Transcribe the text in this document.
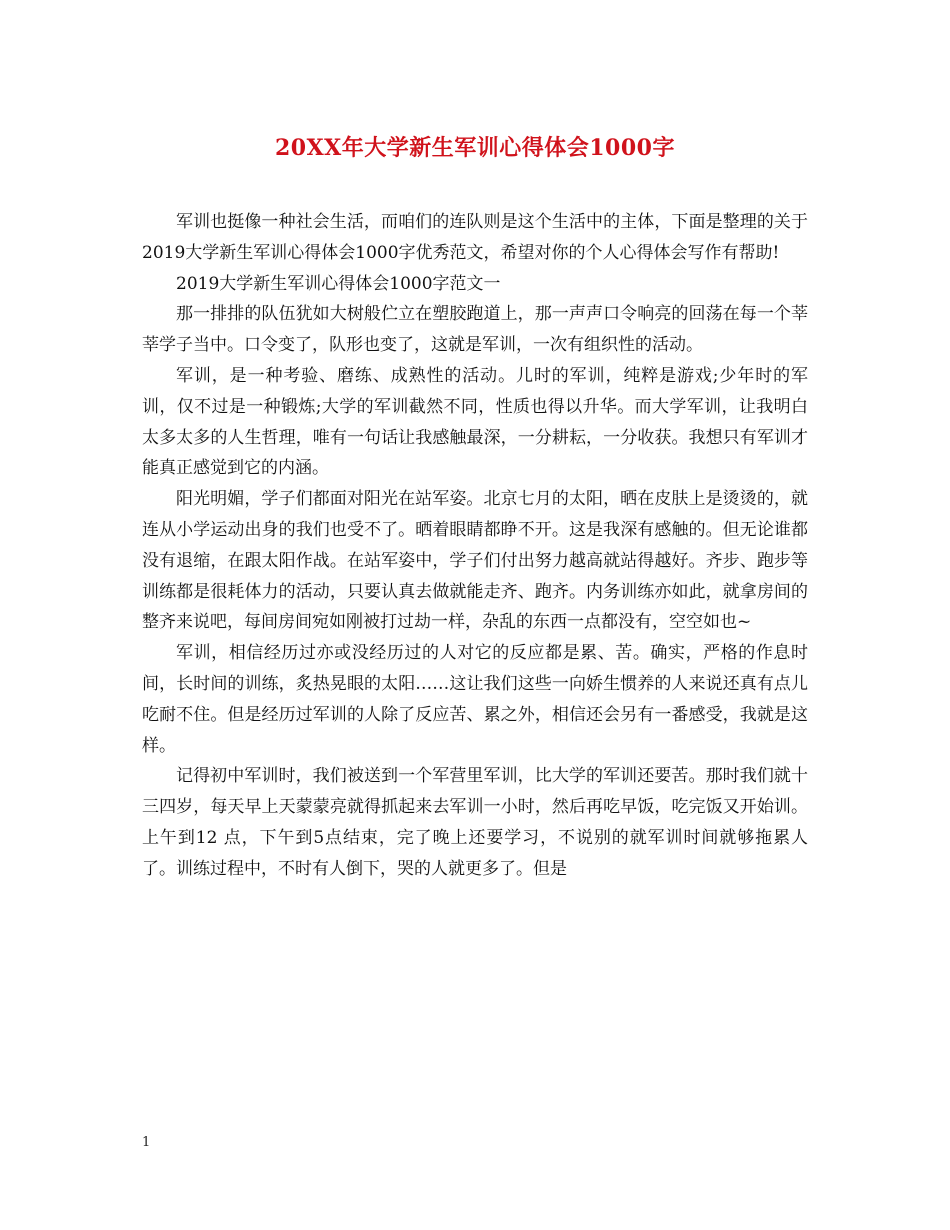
20XX年大学新生军训心得体会1000字

军训也挺像一种社会生活，而咱们的连队则是这个生活中的主体，下面是整理的关于2019大学新生军训心得体会1000字优秀范文，希望对你的个人心得体会写作有帮助!

2019大学新生军训心得体会1000字范文一

那一排排的队伍犹如大树般伫立在塑胶跑道上，那一声声口令响亮的回荡在每一个莘莘学子当中。口令变了，队形也变了，这就是军训，一次有组织性的活动。

军训，是一种考验、磨练、成熟性的活动。儿时的军训，纯粹是游戏;少年时的军训，仅不过是一种锻炼;大学的军训截然不同，性质也得以升华。而大学军训，让我明白太多太多的人生哲理，唯有一句话让我感触最深，一分耕耘，一分收获。我想只有军训才能真正感觉到它的内涵。

阳光明媚，学子们都面对阳光在站军姿。北京七月的太阳，晒在皮肤上是烫烫的，就连从小学运动出身的我们也受不了。晒着眼睛都睁不开。这是我深有感触的。但无论谁都没有退缩，在跟太阳作战。在站军姿中，学子们付出努力越高就站得越好。齐步、跑步等训练都是很耗体力的活动，只要认真去做就能走齐、跑齐。内务训练亦如此，就拿房间的整齐来说吧，每间房间宛如刚被打过劫一样，杂乱的东西一点都没有，空空如也~

军训，相信经历过亦或没经历过的人对它的反应都是累、苦。确实，严格的作息时间，长时间的训练，炙热晃眼的太阳……这让我们这些一向娇生惯养的人来说还真有点儿吃耐不住。但是经历过军训的人除了反应苦、累之外，相信还会另有一番感受，我就是这样。

记得初中军训时，我们被送到一个军营里军训，比大学的军训还要苦。那时我们就十三四岁，每天早上天蒙蒙亮就得抓起来去军训一小时，然后再吃早饭，吃完饭又开始训。上午到12 点，下午到5点结束，完了晚上还要学习，不说别的就军训时间就够拖累人了。训练过程中，不时有人倒下，哭的人就更多了。但是

1
